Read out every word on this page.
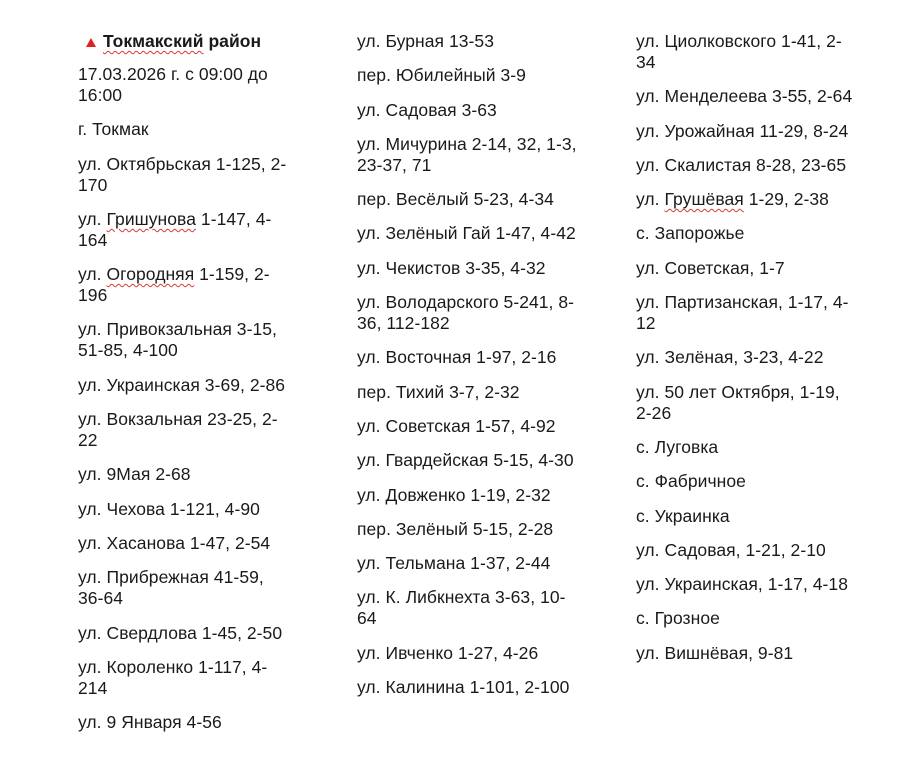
Токмакский район
17.03.2026 г. с 09:00 до 16:00
г. Токмак
ул. Октябрьская 1-125, 2-170
ул. Гришунова 1-147, 4-164
ул. Огородняя 1-159, 2-196
ул. Привокзальная 3-15, 51-85, 4-100
ул. Украинская 3-69, 2-86
ул. Вокзальная 23-25, 2-22
ул. 9Мая 2-68
ул. Чехова 1-121, 4-90
ул. Хасанова 1-47, 2-54
ул. Прибрежная 41-59, 36-64
ул. Свердлова 1-45, 2-50
ул. Короленко 1-117, 4-214
ул. 9 Января 4-56
ул. Бурная 13-53
пер. Юбилейный 3-9
ул. Садовая 3-63
ул. Мичурина 2-14, 32, 1-3, 23-37, 71
пер. Весёлый 5-23, 4-34
ул. Зелёный Гай 1-47, 4-42
ул. Чекистов 3-35, 4-32
ул. Володарского 5-241, 8-36, 112-182
ул. Восточная 1-97, 2-16
пер. Тихий 3-7, 2-32
ул. Советская 1-57, 4-92
ул. Гвардейская 5-15, 4-30
ул. Довженко 1-19, 2-32
пер. Зелёный 5-15, 2-28
ул. Тельмана 1-37, 2-44
ул. К. Либкнехта 3-63, 10-64
ул. Ивченко 1-27, 4-26
ул. Калинина 1-101, 2-100
ул. Циолковского 1-41, 2-34
ул. Менделеева 3-55, 2-64
ул. Урожайная 11-29, 8-24
ул. Скалистая 8-28, 23-65
ул. Грушёвая 1-29, 2-38
с. Запорожье
ул. Советская, 1-7
ул. Партизанская, 1-17, 4-12
ул. Зелёная, 3-23, 4-22
ул. 50 лет Октября, 1-19, 2-26
с. Луговка
с. Фабричное
с. Украинка
ул. Садовая, 1-21, 2-10
ул. Украинская, 1-17, 4-18
с. Грозное
ул. Вишнёвая, 9-81
